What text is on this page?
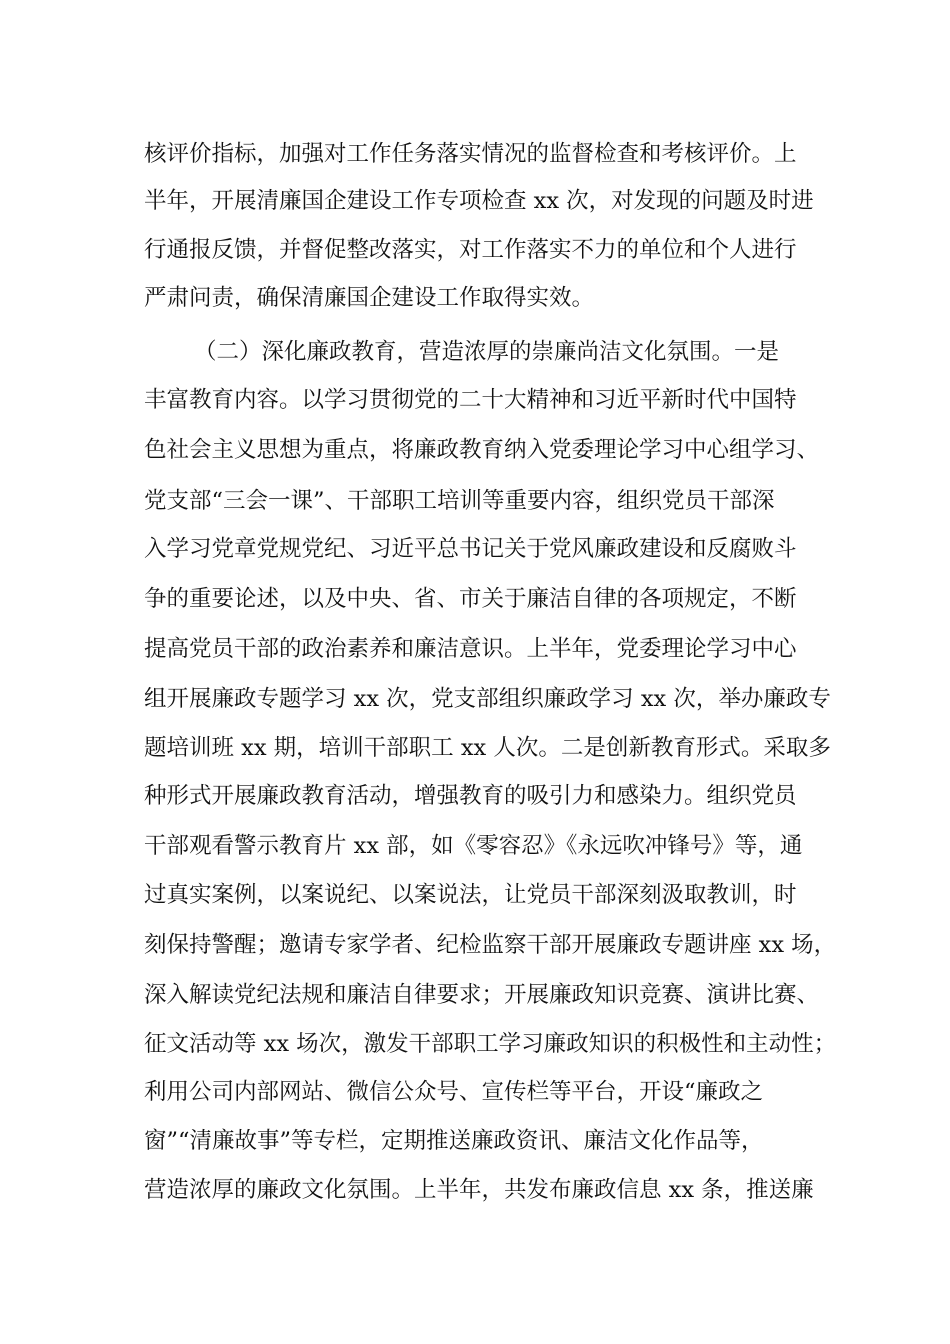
核评价指标，加强对工作任务落实情况的监督检查和考核评价。上
半年，开展清廉国企建设工作专项检查 xx 次，对发现的问题及时进
行通报反馈，并督促整改落实，对工作落实不力的单位和个人进行
严肃问责，确保清廉国企建设工作取得实效。
（二）深化廉政教育，营造浓厚的崇廉尚洁文化氛围。一是
丰富教育内容。以学习贯彻党的二十大精神和习近平新时代中国特
色社会主义思想为重点，将廉政教育纳入党委理论学习中心组学习、
党支部“三会一课”、干部职工培训等重要内容，组织党员干部深
入学习党章党规党纪、习近平总书记关于党风廉政建设和反腐败斗
争的重要论述，以及中央、省、市关于廉洁自律的各项规定，不断
提高党员干部的政治素养和廉洁意识。上半年，党委理论学习中心
组开展廉政专题学习 xx 次，党支部组织廉政学习 xx 次，举办廉政专
题培训班 xx 期，培训干部职工 xx 人次。二是创新教育形式。采取多
种形式开展廉政教育活动，增强教育的吸引力和感染力。组织党员
干部观看警示教育片 xx 部，如《零容忍》《永远吹冲锋号》等，通
过真实案例，以案说纪、以案说法，让党员干部深刻汲取教训，时
刻保持警醒；邀请专家学者、纪检监察干部开展廉政专题讲座 xx 场，
深入解读党纪法规和廉洁自律要求；开展廉政知识竞赛、演讲比赛、
征文活动等 xx 场次，激发干部职工学习廉政知识的积极性和主动性；
利用公司内部网站、微信公众号、宣传栏等平台，开设“廉政之
窗”“清廉故事”等专栏，定期推送廉政资讯、廉洁文化作品等，
营造浓厚的廉政文化氛围。上半年，共发布廉政信息 xx 条，推送廉
